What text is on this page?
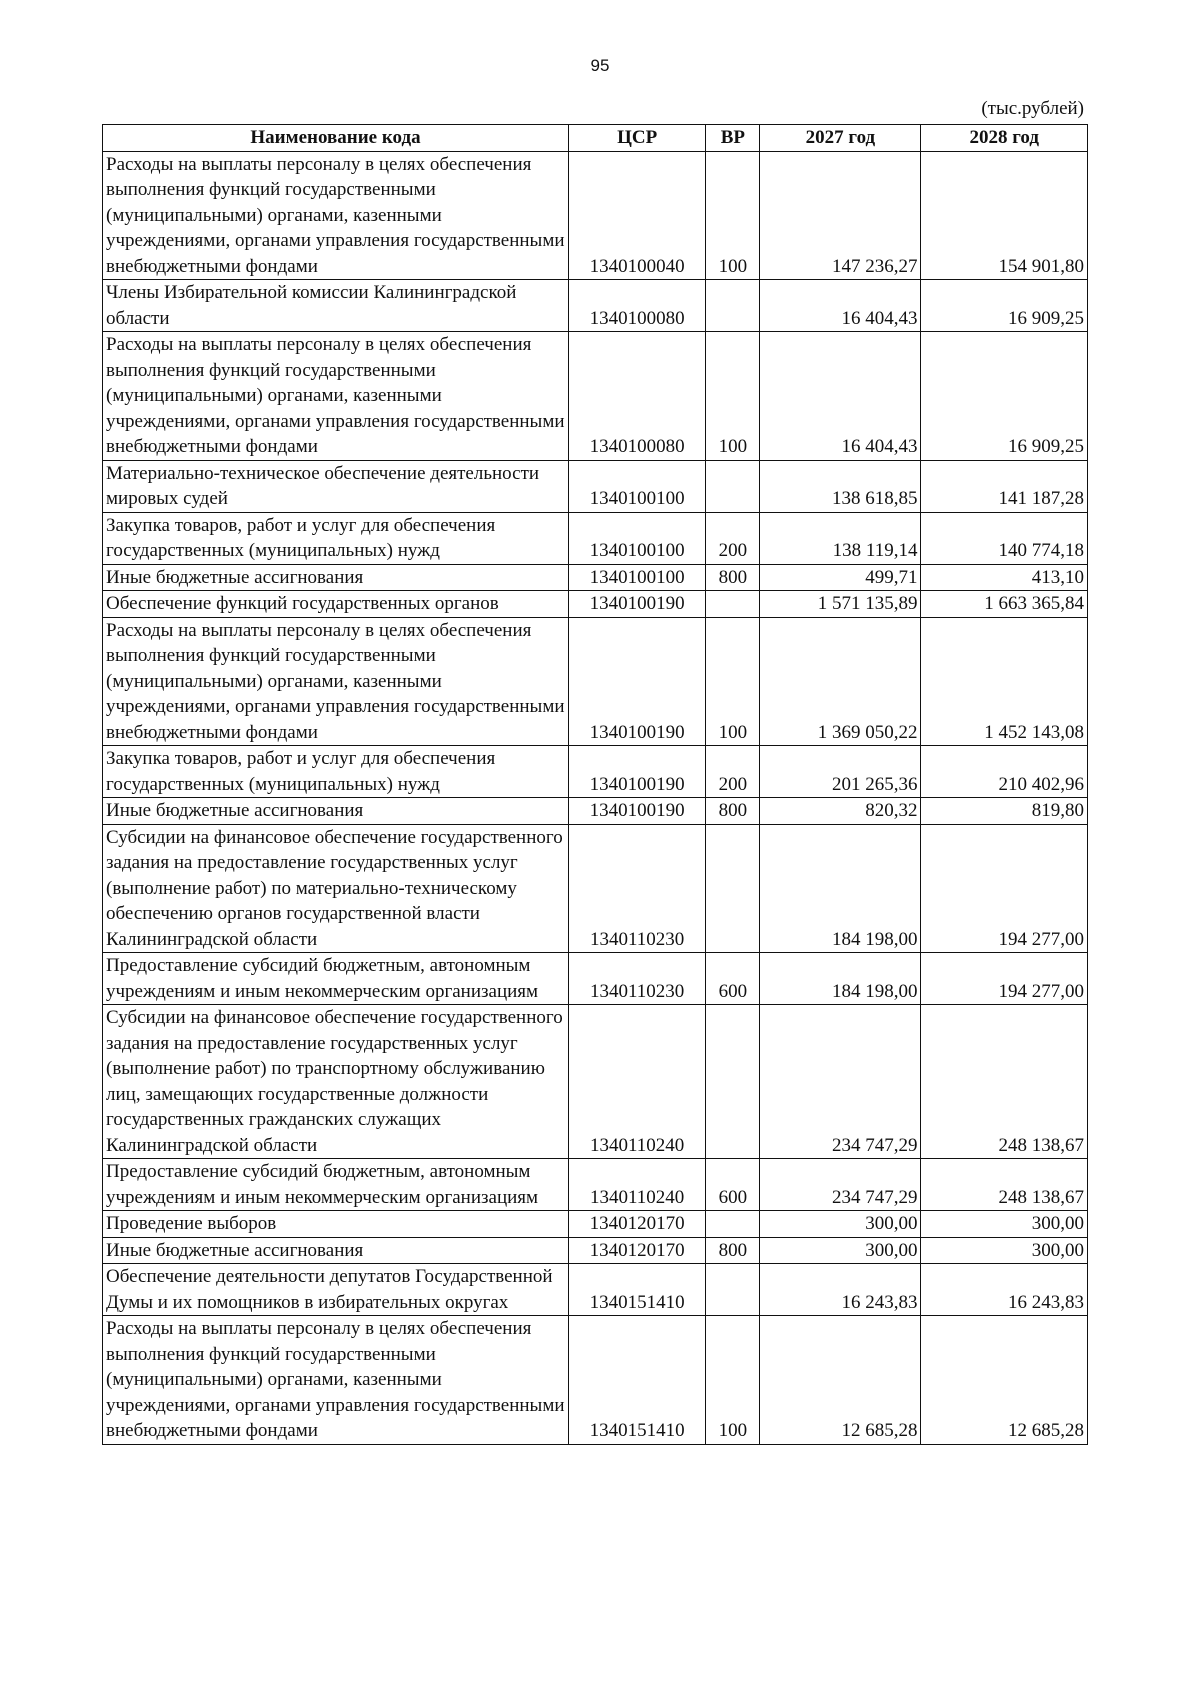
95
(тыс.рублей)
Наименование кода	ЦСР	ВР	2027 год	2028 год
Расходы на выплаты персоналу в целях обеспечения выполнения функций государственными (муниципальными) органами, казенными учреждениями, органами управления государственными внебюджетными фондами	1340100040	100	147 236,27	154 901,80
Члены Избирательной комиссии Калининградской области	1340100080		16 404,43	16 909,25
Расходы на выплаты персоналу в целях обеспечения выполнения функций государственными (муниципальными) органами, казенными учреждениями, органами управления государственными внебюджетными фондами	1340100080	100	16 404,43	16 909,25
Материально-техническое обеспечение деятельности мировых судей	1340100100		138 618,85	141 187,28
Закупка товаров, работ и услуг для обеспечения государственных (муниципальных) нужд	1340100100	200	138 119,14	140 774,18
Иные бюджетные ассигнования	1340100100	800	499,71	413,10
Обеспечение функций государственных органов	1340100190		1 571 135,89	1 663 365,84
Расходы на выплаты персоналу в целях обеспечения выполнения функций государственными (муниципальными) органами, казенными учреждениями, органами управления государственными внебюджетными фондами	1340100190	100	1 369 050,22	1 452 143,08
Закупка товаров, работ и услуг для обеспечения государственных (муниципальных) нужд	1340100190	200	201 265,36	210 402,96
Иные бюджетные ассигнования	1340100190	800	820,32	819,80
Субсидии на финансовое обеспечение государственного задания на предоставление государственных услуг (выполнение работ) по материально-техническому обеспечению органов государственной власти Калининградской области	1340110230		184 198,00	194 277,00
Предоставление субсидий бюджетным, автономным учреждениям и иным некоммерческим организациям	1340110230	600	184 198,00	194 277,00
Субсидии на финансовое обеспечение государственного задания на предоставление государственных услуг (выполнение работ) по транспортному обслуживанию лиц, замещающих государственные должности государственных гражданских служащих Калининградской области	1340110240		234 747,29	248 138,67
Предоставление субсидий бюджетным, автономным учреждениям и иным некоммерческим организациям	1340110240	600	234 747,29	248 138,67
Проведение выборов	1340120170		300,00	300,00
Иные бюджетные ассигнования	1340120170	800	300,00	300,00
Обеспечение деятельности депутатов Государственной Думы и их помощников в избирательных округах	1340151410		16 243,83	16 243,83
Расходы на выплаты персоналу в целях обеспечения выполнения функций государственными (муниципальными) органами, казенными учреждениями, органами управления государственными внебюджетными фондами	1340151410	100	12 685,28	12 685,28
